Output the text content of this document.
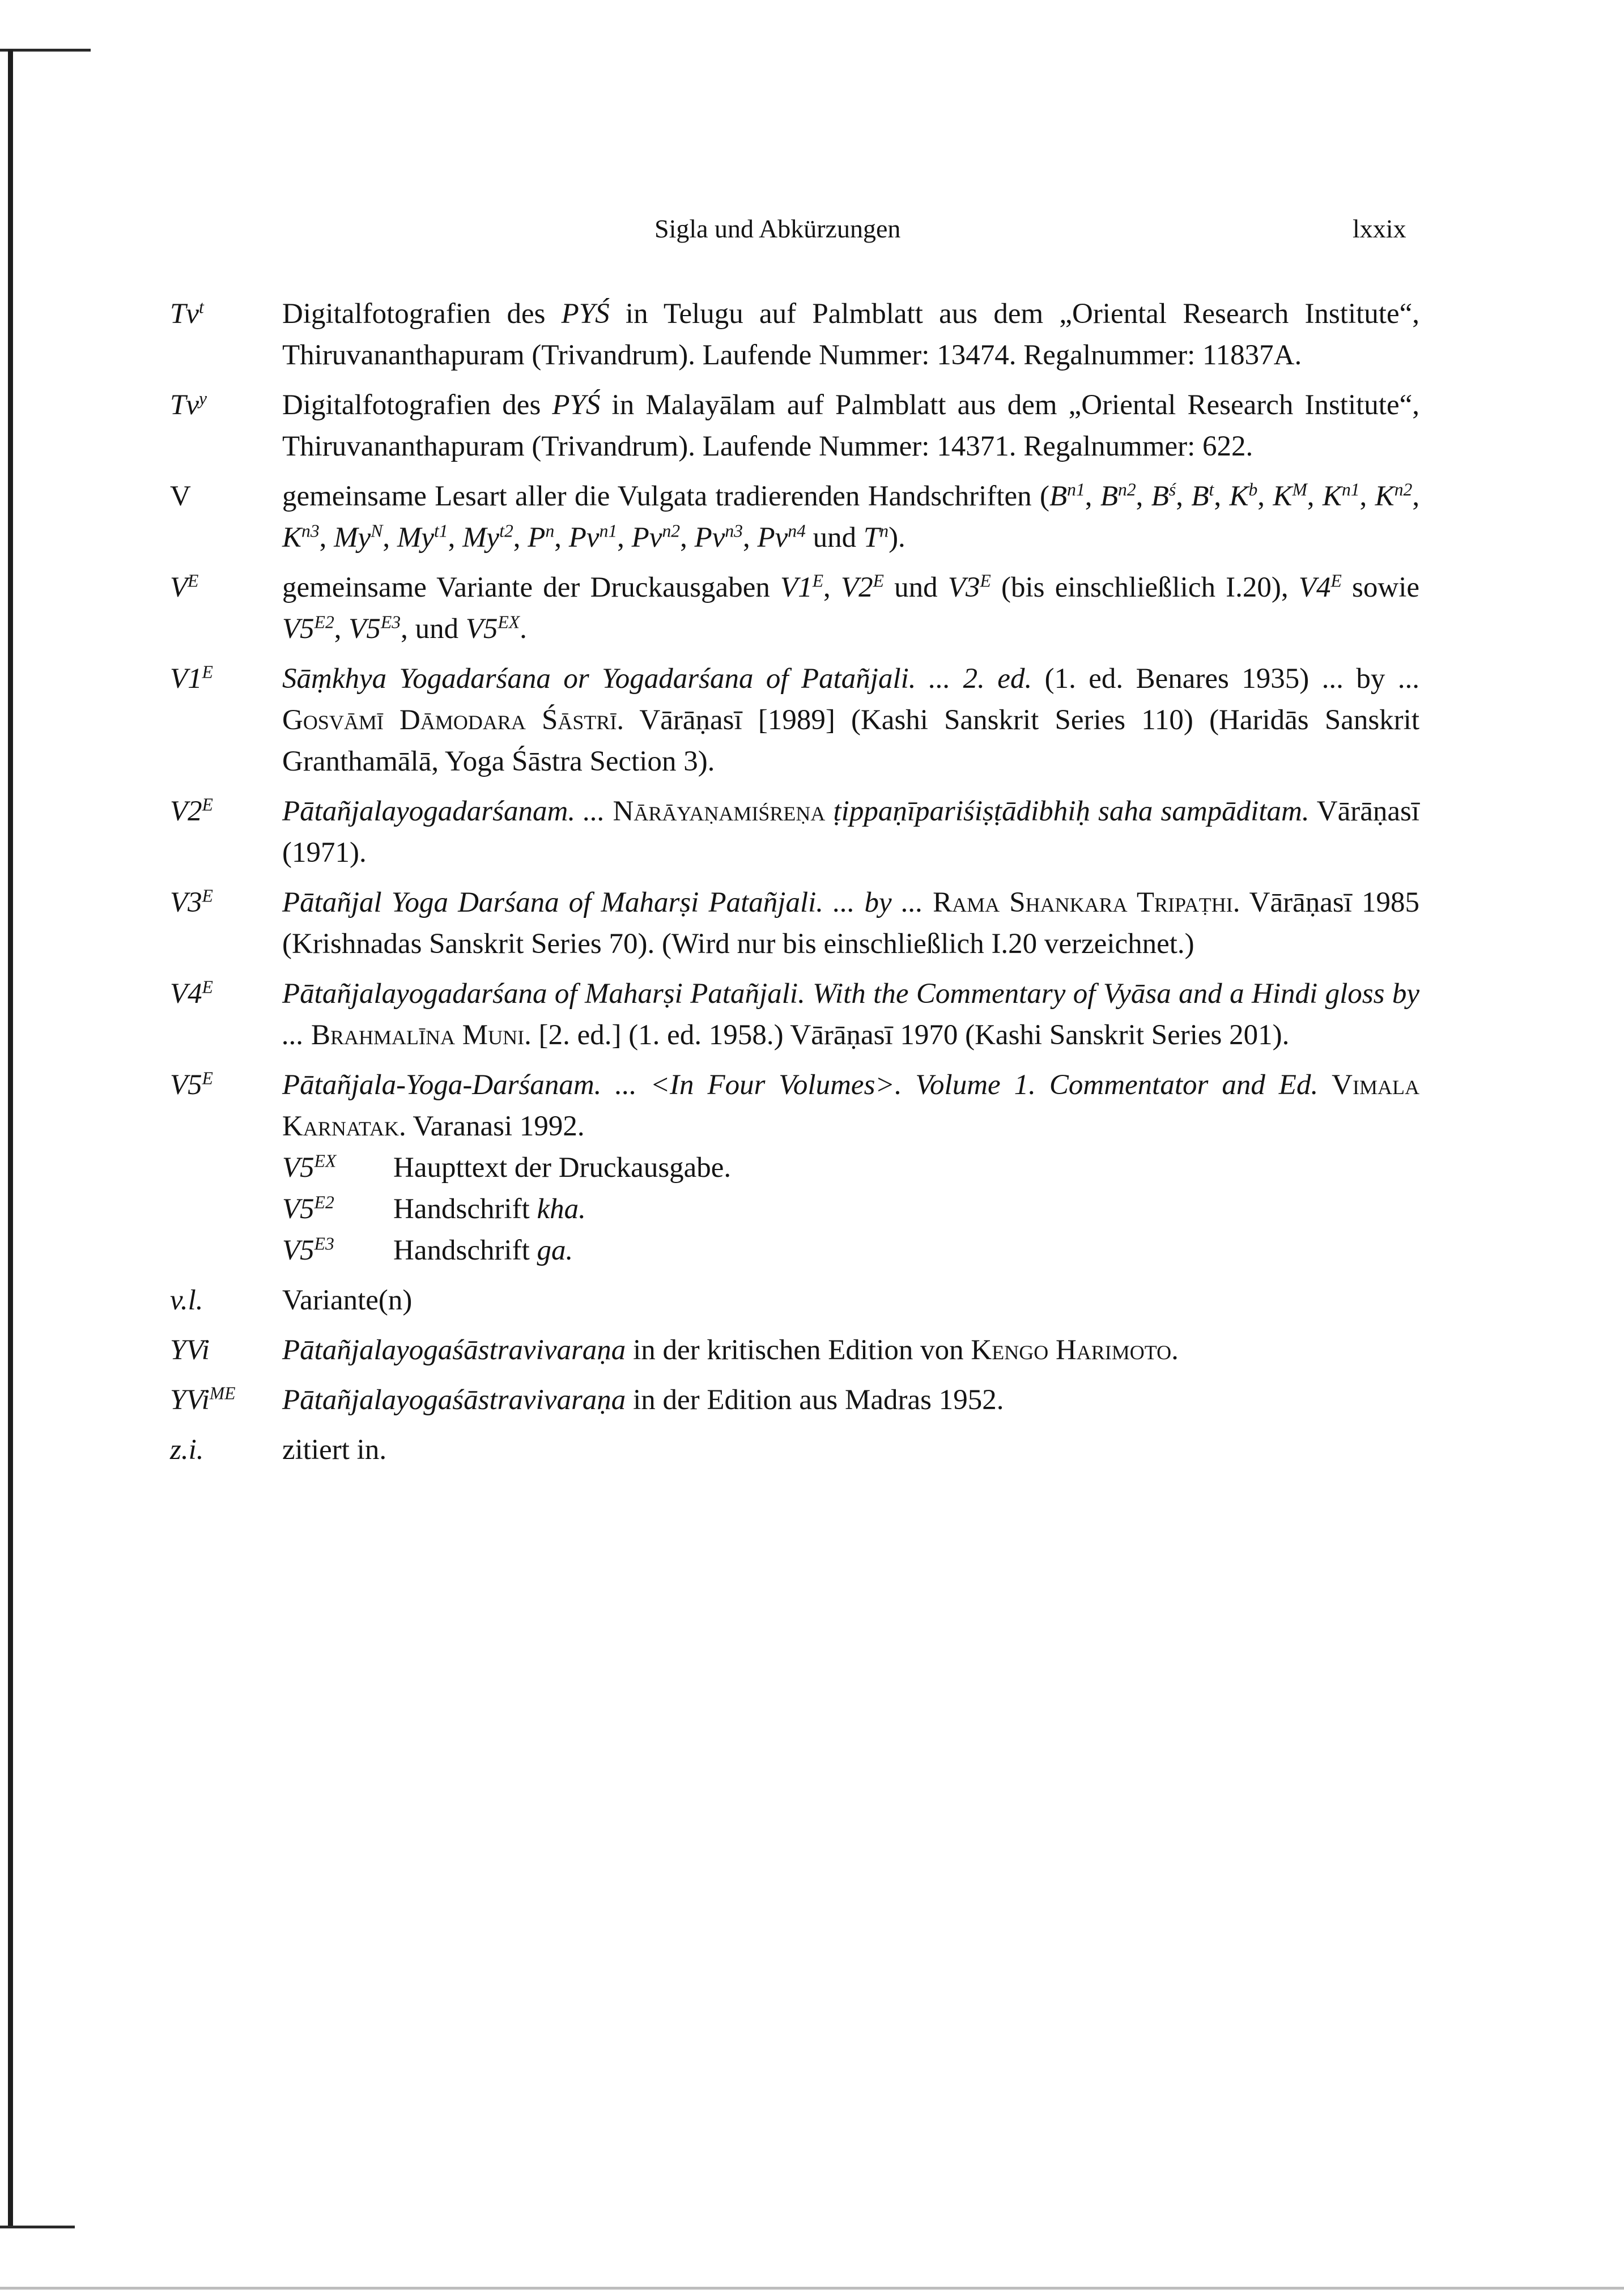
Sigla und Abkürzungen	lxxix
Tv$^t$	Digitalfotografien des PYŚ in Telugu auf Palmblatt aus dem „Oriental Research Institute“, Thiruvananthapuram (Trivandrum). Laufende Nummer: 13474. Regalnummer: 11837A.
Tv$^y$	Digitalfotografien des PYŚ in Malayālam auf Palmblatt aus dem „Oriental Research Institute“, Thiruvananthapuram (Trivandrum). Laufende Nummer: 14371. Regalnummer: 622.
V	gemeinsame Lesart aller die Vulgata tradierenden Handschriften ($B^{n1}$, $B^{n2}$, $B^ś$, $B^t$, $K^b$, $K^M$, $K^{n1}$, $K^{n2}$, $K^{n3}$, $My^N$, $My^{t1}$, $My^{t2}$, $P^n$, $Pv^{n1}$, $Pv^{n2}$, $Pv^{n3}$, $Pv^{n4}$ und $T^n$).
$V^E$	gemeinsame Variante der Druckausgaben $V1^E$, $V2^E$ und $V3^E$ (bis einschließlich I.20), $V4^E$ sowie $V5^{E2}$, $V5^{E3}$, und $V5^{EX}$.
$V1^E$	Sāṃkhya Yogadarśana or Yogadarśana of Patañjali. ... 2. ed. (1. ed. Benares 1935) ... by ... Gosvāmī Dāmodara Śāstrī. Vārāṇasī [1989] (Kashi Sanskrit Series 110) (Haridās Sanskrit Granthamālā, Yoga Śāstra Section 3).
$V2^E$	Pātañjalayogadarśanam. ... Nārāyaṇamiśreṇa ṭippaṇīpariśiṣṭādibhiḥ saha sampāditam. Vārāṇasī (1971).
$V3^E$	Pātañjal Yoga Darśana of Maharṣi Patañjali. ... by ... Rama Shankara Tripaṭhi. Vārāṇasī 1985 (Krishnadas Sanskrit Series 70). (Wird nur bis einschließlich I.20 verzeichnet.)
$V4^E$	Pātañjalayogadarśana of Maharṣi Patañjali. With the Commentary of Vyāsa and a Hindi gloss by ... Brahmalīna Muni. [2. ed.] (1. ed. 1958.) Vārāṇasī 1970 (Kashi Sanskrit Series 201).
$V5^E$	Pātañjala-Yoga-Darśanam. ... <In Four Volumes>. Volume 1. Commentator and Ed. Vimala Karnatak. Varanasi 1992.
$V5^{EX}$	Haupttext der Druckausgabe.
$V5^{E2}$	Handschrift kha.
$V5^{E3}$	Handschrift ga.
v.l.	Variante(n)
YVi	Pātañjalayogaśāstravivaraṇa in der kritischen Edition von Kengo Harimoto.
YVi$^{ME}$	Pātañjalayogaśāstravivaraṇa in der Edition aus Madras 1952.
z.i.	zitiert in.
